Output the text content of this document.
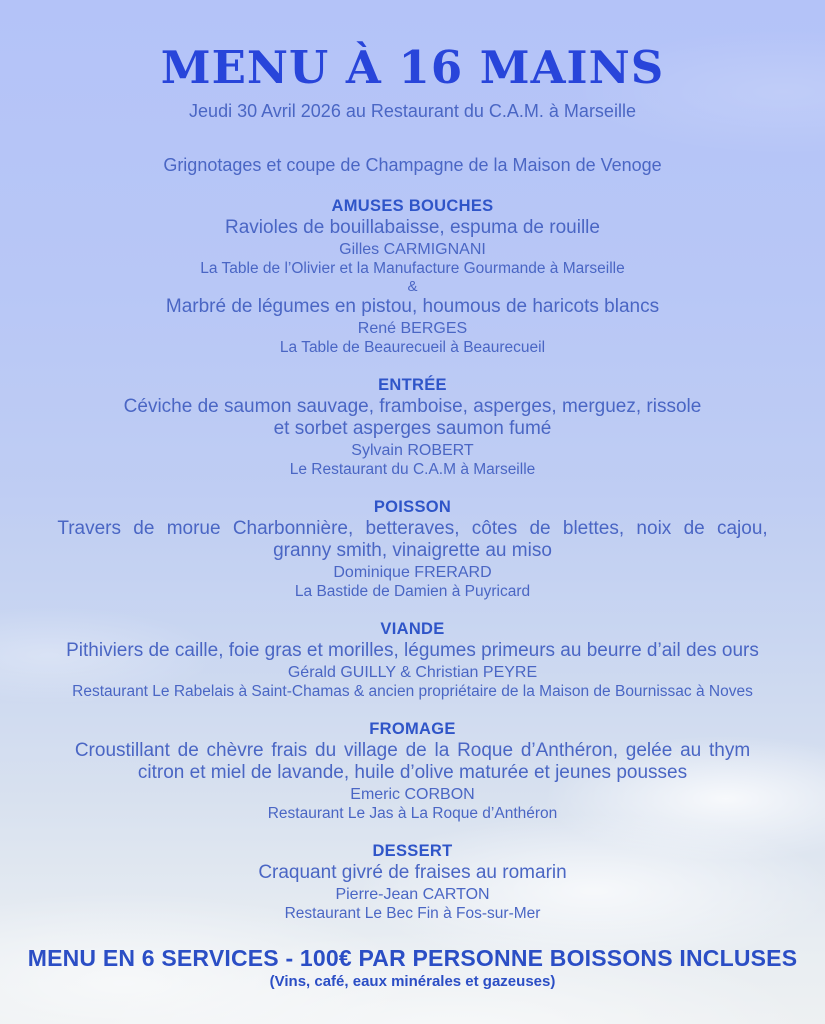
MENU À 16 MAINS
Jeudi 30 Avril 2026 au Restaurant du C.A.M. à Marseille
Grignotages et coupe de Champagne de la Maison de Venoge
AMUSES BOUCHES
Ravioles de bouillabaisse, espuma de rouille
Gilles CARMIGNANI
La Table de l’Olivier et la Manufacture Gourmande à Marseille
&
Marbré de légumes en pistou, houmous de haricots blancs
René BERGES
La Table de Beaurecueil à Beaurecueil
ENTRÉE
Céviche de saumon sauvage, framboise, asperges, merguez, rissole
et sorbet asperges saumon fumé
Sylvain ROBERT
Le Restaurant du C.A.M à Marseille
POISSON
Travers de morue Charbonnière, betteraves, côtes de blettes, noix de cajou,
granny smith, vinaigrette au miso
Dominique FRERARD
La Bastide de Damien à Puyricard
VIANDE
Pithiviers de caille, foie gras et morilles, légumes primeurs au beurre d’ail des ours
Gérald GUILLY & Christian PEYRE
Restaurant Le Rabelais à Saint-Chamas & ancien propriétaire de la Maison de Bournissac à Noves
FROMAGE
Croustillant de chèvre frais du village de la Roque d’Anthéron, gelée au thym
citron et miel de lavande, huile d’olive maturée et jeunes pousses
Emeric CORBON
Restaurant Le Jas à La Roque d’Anthéron
DESSERT
Craquant givré de fraises au romarin
Pierre-Jean CARTON
Restaurant Le Bec Fin à Fos-sur-Mer
MENU EN 6 SERVICES - 100€ PAR PERSONNE BOISSONS INCLUSES
(Vins, café, eaux minérales et gazeuses)
